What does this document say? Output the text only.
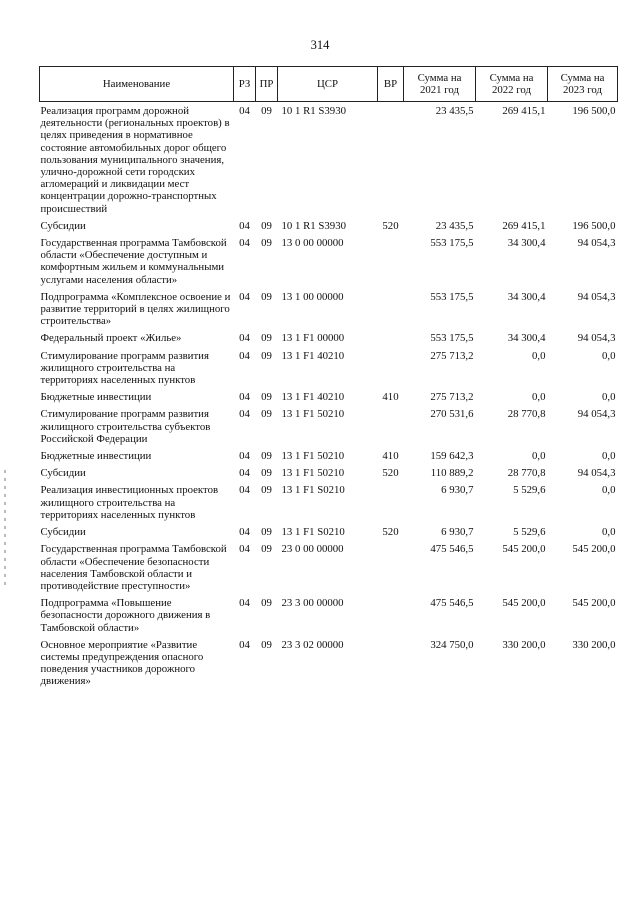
314
Наименование	РЗ	ПР	ЦСР	ВР	Сумма на 2021 год	Сумма на 2022 год	Сумма на 2023 год
Реализация программ дорожной деятельности (региональных проектов) в целях приведения в нормативное состояние автомобильных дорог общего пользования муниципального значения, улично-дорожной сети городских агломераций и ликвидации мест концентрации дорожно-транспортных происшествий	04	09	10 1 R1 S3930		23 435,5	269 415,1	196 500,0
Субсидии	04	09	10 1 R1 S3930	520	23 435,5	269 415,1	196 500,0
Государственная программа Тамбовской области «Обеспечение доступным и комфортным жильем и коммунальными услугами населения области»	04	09	13 0 00 00000		553 175,5	34 300,4	94 054,3
Подпрограмма «Комплексное освоение и развитие территорий в целях жилищного строительства»	04	09	13 1 00 00000		553 175,5	34 300,4	94 054,3
Федеральный проект «Жилье»	04	09	13 1 F1 00000		553 175,5	34 300,4	94 054,3
Стимулирование программ развития жилищного строительства на территориях населенных пунктов	04	09	13 1 F1 40210		275 713,2	0,0	0,0
Бюджетные инвестиции	04	09	13 1 F1 40210	410	275 713,2	0,0	0,0
Стимулирование программ развития жилищного строительства субъектов Российской Федерации	04	09	13 1 F1 50210		270 531,6	28 770,8	94 054,3
Бюджетные инвестиции	04	09	13 1 F1 50210	410	159 642,3	0,0	0,0
Субсидии	04	09	13 1 F1 50210	520	110 889,2	28 770,8	94 054,3
Реализация инвестиционных проектов жилищного строительства на территориях населенных пунктов	04	09	13 1 F1 S0210		6 930,7	5 529,6	0,0
Субсидии	04	09	13 1 F1 S0210	520	6 930,7	5 529,6	0,0
Государственная программа Тамбовской области «Обеспечение безопасности населения Тамбовской области и противодействие преступности»	04	09	23 0 00 00000		475 546,5	545 200,0	545 200,0
Подпрограмма «Повышение безопасности дорожного движения в Тамбовской области»	04	09	23 3 00 00000		475 546,5	545 200,0	545 200,0
Основное мероприятие «Развитие системы предупреждения опасного поведения участников дорожного движения»	04	09	23 3 02 00000		324 750,0	330 200,0	330 200,0
